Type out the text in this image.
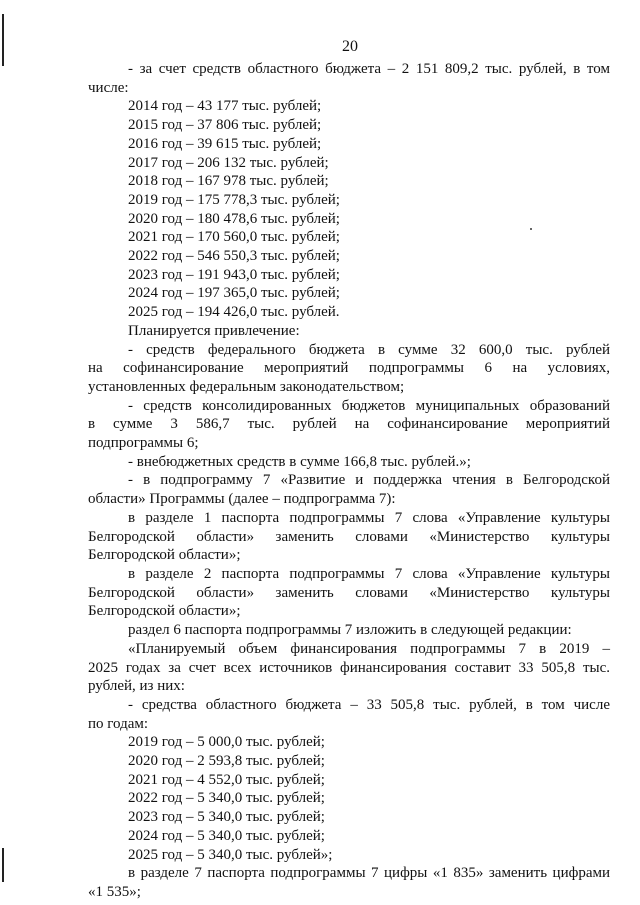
20

- за счет средств областного бюджета – 2 151 809,2 тыс. рублей, в том

числе:

2014 год – 43 177 тыс. рублей;
2015 год – 37 806 тыс. рублей;
2016 год – 39 615 тыс. рублей;
2017 год – 206 132 тыс. рублей;
2018 год – 167 978 тыс. рублей;
2019 год – 175 778,3 тыс. рублей;
2020 год – 180 478,6 тыс. рублей;
2021 год – 170 560,0 тыс. рублей;
2022 год – 546 550,3 тыс. рублей;
2023 год – 191 943,0 тыс. рублей;
2024 год – 197 365,0 тыс. рублей;
2025 год – 194 426,0 тыс. рублей.

Планируется привлечение:

- средств федерального бюджета в сумме 32 600,0 тыс. рублей

на софинансирование мероприятий подпрограммы 6 на условиях,

установленных федеральным законодательством;

- средств консолидированных бюджетов муниципальных образований

в сумме 3 586,7 тыс. рублей на софинансирование мероприятий

подпрограммы 6;

- внебюджетных средств в сумме 166,8 тыс. рублей.»;

- в подпрограмму 7 «Развитие и поддержка чтения в Белгородской

области» Программы (далее – подпрограмма 7):

в разделе 1 паспорта подпрограммы 7 слова «Управление культуры

Белгородской области» заменить словами «Министерство культуры

Белгородской области»;

в разделе 2 паспорта подпрограммы 7 слова «Управление культуры

Белгородской области» заменить словами «Министерство культуры

Белгородской области»;

раздел 6 паспорта подпрограммы 7 изложить в следующей редакции:

«Планируемый объем финансирования подпрограммы 7 в 2019 –

2025 годах за счет всех источников финансирования составит 33 505,8 тыс.

рублей, из них:

- средства областного бюджета – 33 505,8 тыс. рублей, в том числе

по годам:

2019 год – 5 000,0 тыс. рублей;
2020 год – 2 593,8 тыс. рублей;
2021 год – 4 552,0 тыс. рублей;
2022 год – 5 340,0 тыс. рублей;
2023 год – 5 340,0 тыс. рублей;
2024 год – 5 340,0 тыс. рублей;
2025 год – 5 340,0 тыс. рублей»;

в разделе 7 паспорта подпрограммы 7 цифры «1 835» заменить цифрами

«1 535»;
